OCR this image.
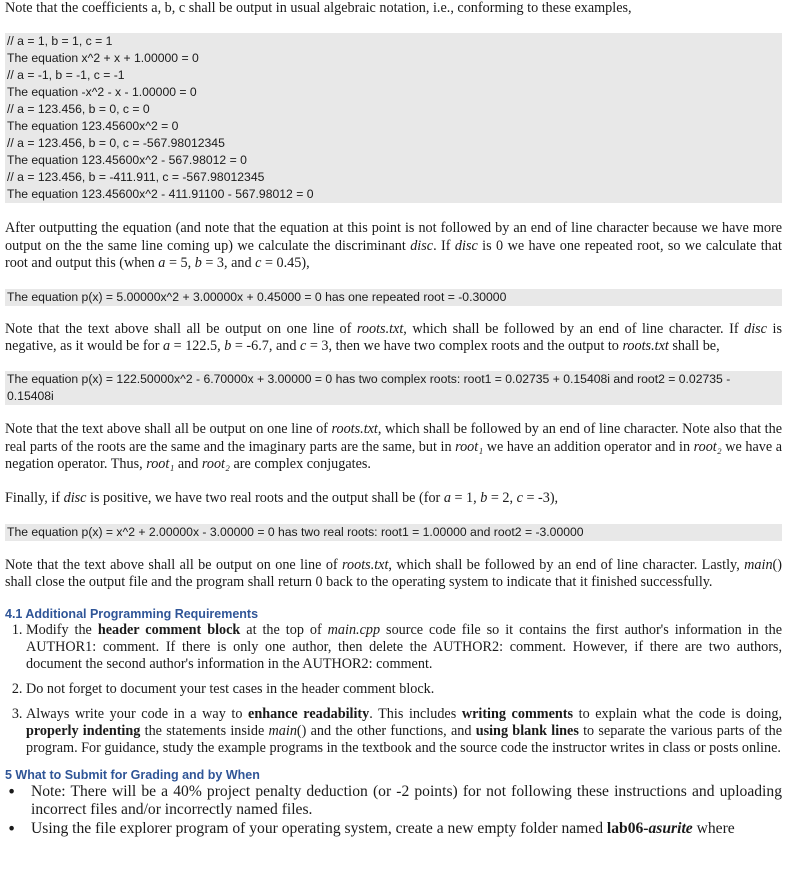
Note that the coefficients a, b, c shall be output in usual algebraic notation, i.e., conforming to these examples,

// a = 1, b = 1, c = 1
The equation x^2 + x + 1.00000 = 0
// a = -1, b = -1, c = -1
The equation -x^2 - x - 1.00000 = 0
// a = 123.456, b = 0, c = 0
The equation 123.45600x^2 = 0
// a = 123.456, b = 0, c = -567.98012345
The equation 123.45600x^2 - 567.98012 = 0
// a = 123.456, b = -411.911, c = -567.98012345
The equation 123.45600x^2 - 411.91100 - 567.98012 = 0

After outputting the equation (and note that the equation at this point is not followed by an end of line character because we have more output on the the same line coming up) we calculate the discriminant disc. If disc is 0 we have one repeated root, so we calculate that root and output this (when a = 5, b = 3, and c = 0.45),

The equation p(x) = 5.00000x^2 + 3.00000x + 0.45000 = 0 has one repeated root = -0.30000

Note that the text above shall all be output on one line of roots.txt, which shall be followed by an end of line character. If disc is negative, as it would be for a = 122.5, b = -6.7, and c = 3, then we have two complex roots and the output to roots.txt shall be,

The equation p(x) = 122.50000x^2 - 6.70000x + 3.00000 = 0 has two complex roots: root1 = 0.02735 + 0.15408i and root2 = 0.02735 - 0.15408i

Note that the text above shall all be output on one line of roots.txt, which shall be followed by an end of line character. Note also that the real parts of the roots are the same and the imaginary parts are the same, but in root₁ we have an addition operator and in root₂ we have a negation operator. Thus, root₁ and root₂ are complex conjugates.

Finally, if disc is positive, we have two real roots and the output shall be (for a = 1, b = 2, c = -3),

The equation p(x) = x^2 + 2.00000x - 3.00000 = 0 has two real roots: root1 = 1.00000 and root2 = -3.00000

Note that the text above shall all be output on one line of roots.txt, which shall be followed by an end of line character. Lastly, main() shall close the output file and the program shall return 0 back to the operating system to indicate that it finished successfully.

4.1 Additional Programming Requirements
1. Modify the header comment block at the top of main.cpp source code file so it contains the first author's information in the AUTHOR1: comment. If there is only one author, then delete the AUTHOR2: comment. However, if there are two authors, document the second author's information in the AUTHOR2: comment.
2. Do not forget to document your test cases in the header comment block.
3. Always write your code in a way to enhance readability. This includes writing comments to explain what the code is doing, properly indenting the statements inside main() and the other functions, and using blank lines to separate the various parts of the program. For guidance, study the example programs in the textbook and the source code the instructor writes in class or posts online.
5 What to Submit for Grading and by When
• Note: There will be a 40% project penalty deduction (or -2 points) for not following these instructions and uploading incorrect files and/or incorrectly named files.
• Using the file explorer program of your operating system, create a new empty folder named lab06-asurite where
